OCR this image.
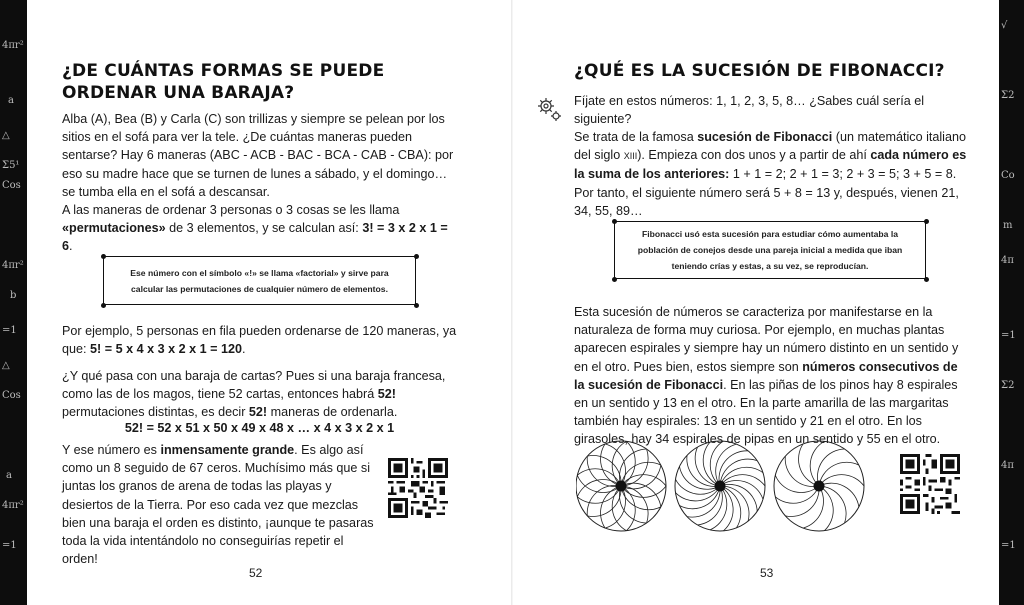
4πr²
a
△
Σ5¹
Cos
4πr²
b
=1
△
Cos
a
4πr²
=1
√
Σ2
Co
m
4π
=1
Σ2
4π
=1
¿DE CUÁNTAS FORMAS SE PUEDE ORDENAR UNA BARAJA?

Alba (A), Bea (B) y Carla (C) son trillizas y siempre se pelean por los sitios en el sofá para ver la tele. ¿De cuántas maneras pueden sentarse? Hay 6 maneras (ABC - ACB - BAC - BCA - CAB - CBA): por eso su madre hace que se turnen de lunes a sábado, y el domingo… se tumba ella en el sofá a descansar.

A las maneras de ordenar 3 personas o 3 cosas se les llama «permutaciones» de 3 elementos, y se calculan así: 3! = 3 x 2 x 1 = 6.

Ese número con el símbolo «!» se llama «factorial» y sirve para calcular las permutaciones de cualquier número de elementos.

Por ejemplo, 5 personas en fila pueden ordenarse de 120 maneras, ya que: 5! = 5 x 4 x 3 x 2 x 1 = 120.

¿Y qué pasa con una baraja de cartas? Pues si una baraja francesa, como las de los magos, tiene 52 cartas, entonces habrá 52! permutaciones distintas, es decir 52! maneras de ordenarla.

52! = 52 x 51 x 50 x 49 x 48 x … x 4 x 3 x 2 x 1

Y ese número es inmensamente grande. Es algo así como un 8 seguido de 67 ceros. Muchísimo más que si juntas los granos de arena de todas las playas y desiertos de la Tierra. Por eso cada vez que mezclas bien una baraja el orden es distinto, ¡aunque te pasaras toda la vida intentándolo no conseguirías repetir el orden!

52
¿QUÉ ES LA SUCESIÓN DE FIBONACCI?

Fíjate en estos números: 1, 1, 2, 3, 5, 8… ¿Sabes cuál sería el siguiente?

Se trata de la famosa sucesión de Fibonacci (un matemático italiano del siglo XIII). Empieza con dos unos y a partir de ahí cada número es la suma de los anteriores: 1 + 1 = 2; 2 + 1 = 3; 2 + 3 = 5; 3 + 5 = 8. Por tanto, el siguiente número será 5 + 8 = 13 y, después, vienen 21, 34, 55, 89…

Fibonacci usó esta sucesión para estudiar cómo aumentaba la población de conejos desde una pareja inicial a medida que iban teniendo crías y estas, a su vez, se reproducían.

Esta sucesión de números se caracteriza por manifestarse en la naturaleza de forma muy curiosa. Por ejemplo, en muchas plantas aparecen espirales y siempre hay un número distinto en un sentido y en el otro. Pues bien, estos siempre son números consecutivos de la sucesión de Fibonacci. En las piñas de los pinos hay 8 espirales en un sentido y 13 en el otro. En la parte amarilla de las margaritas también hay espirales: 13 en un sentido y 21 en el otro. En los girasoles, hay 34 espirales de pipas en un sentido y 55 en el otro.

53
